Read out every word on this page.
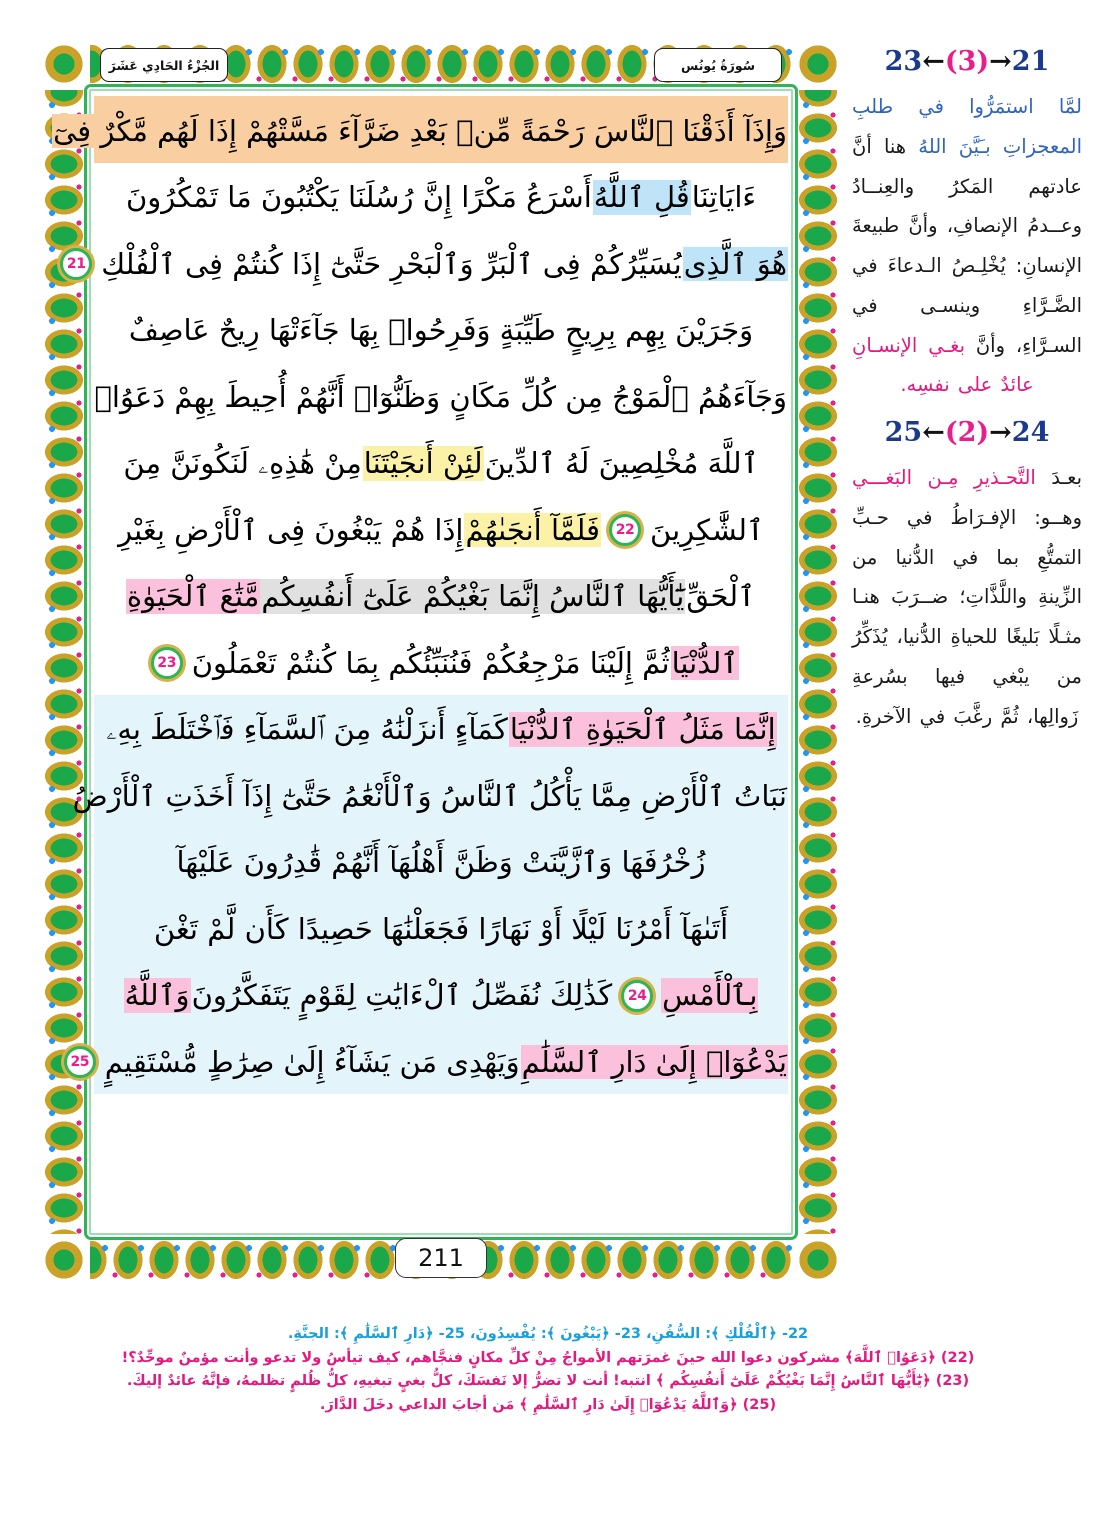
سُورَةُ يُونُس
الجُزْءُ الحَادِي عَشَرَ
وَإِذَآ أَذَقْنَا ٱلنَّاسَ رَحْمَةً مِّنۢ بَعْدِ ضَرَّآءَ مَسَّتْهُمْ إِذَا لَهُم مَّكْرٌ فِىٓ
ءَايَاتِنَاقُلِ ٱللَّهُأَسْرَعُ مَكْرًا إِنَّ رُسُلَنَا يَكْتُبُونَ مَا تَمْكُرُونَ
هُوَ ٱلَّذِىيُسَيِّرُكُمْ فِى ٱلْبَرِّ وَٱلْبَحْرِ حَتَّىٰٓ إِذَا كُنتُمْ فِى ٱلْفُلْكِ
21
وَجَرَيْنَ بِهِم بِرِيحٍ طَيِّبَةٍ وَفَرِحُوا۟ بِهَا جَآءَتْهَا رِيحٌ عَاصِفٌ
وَجَآءَهُمُ ٱلْمَوْجُ مِن كُلِّ مَكَانٍ وَظَنُّوٓا۟ أَنَّهُمْ أُحِيطَ بِهِمْ دَعَوُا۟
ٱللَّهَ مُخْلِصِينَ لَهُ ٱلدِّينَلَئِنْ أَنجَيْتَنَامِنْ هَٰذِهِۦ لَنَكُونَنَّ مِنَ
ٱلشَّٰكِرِينَ
22
فَلَمَّآ أَنجَىٰهُمْإِذَا هُمْ يَبْغُونَ فِى ٱلْأَرْضِ بِغَيْرِ
ٱلْحَقِّيَٰٓأَيُّهَا ٱلنَّاسُ إِنَّمَا بَغْيُكُمْ عَلَىٰٓ أَنفُسِكُممَّتَٰعَ ٱلْحَيَوٰةِ
ٱلدُّنْيَاثُمَّ إِلَيْنَا مَرْجِعُكُمْ فَنُنَبِّئُكُم بِمَا كُنتُمْ تَعْمَلُونَ
23
إِنَّمَا مَثَلُ ٱلْحَيَوٰةِ ٱلدُّنْيَاكَمَآءٍ أَنزَلْنَٰهُ مِنَ ٱلسَّمَآءِ فَٱخْتَلَطَ بِهِۦ
نَبَاتُ ٱلْأَرْضِ مِمَّا يَأْكُلُ ٱلنَّاسُ وَٱلْأَنْعَٰمُ حَتَّىٰٓ إِذَآ أَخَذَتِ ٱلْأَرْضُ
زُخْرُفَهَا وَٱزَّيَّنَتْ وَظَنَّ أَهْلُهَآ أَنَّهُمْ قَٰدِرُونَ عَلَيْهَآ
أَتَىٰهَآ أَمْرُنَا لَيْلًا أَوْ نَهَارًا فَجَعَلْنَٰهَا حَصِيدًا كَأَن لَّمْ تَغْنَ
بِٱلْأَمْسِ
24
كَذَٰلِكَ نُفَصِّلُ ٱلْءَايَٰتِ لِقَوْمٍ يَتَفَكَّرُونَوَٱللَّهُ
يَدْعُوٓا۟ إِلَىٰ دَارِ ٱلسَّلَٰمِوَيَهْدِى مَن يَشَآءُ إِلَىٰ صِرَٰطٍ مُّسْتَقِيمٍ
25
211
23←(3)→21
لمَّا استمَرُّوا في طلبِ المعجزاتِ بـَيَّنَ اللهُ هنا أنَّ عادتهم المَكرُ والعِنــادُ وعــدمُ الإنصافِ، وأنَّ طبيعةَ الإنسانِ: يُخْلِـصُ الـدعاءَ في الضَّـرَّاءِ وينسـى في السـرَّاءِ، وأنَّ بغـي الإنسـانِ عائدٌ على نفسِه.
25←(2)→24
بعـدَ التَّحـذيرِ مِـن البَغـــي وهــو: الإفـرَاطُ في حـبِّ التمتُّعِ بما في الدُّنيا من الزِّينةِ واللَّذَّاتِ؛ ضــرَبَ هنـا مثـلًا بَليغًا للحياةِ الدُّنيا، يُذَكِّرُ من يبْغي فيها بسُرعةِ زَوالِها، ثُمَّ رغَّبَ في الآخرةِ.
22- ﴿ٱلْفُلْكِ ﴾: السُّفُنِ، 23- ﴿يَبْغُونَ ﴾: يُفْسِدُونَ، 25- ﴿دَارِ ٱلسَّلَٰمِ ﴾: الجنَّةِ.
(22) ﴿دَعَوُا۟ ٱللَّهَ﴾ مشركون دعوا الله حينَ غمرَتهم الأمواجُ مِنْ كلِّ مكانٍ فنجَّاهم، كيف تيأسُ ولا تدعو وأنت مؤمنٌ موحِّدٌ؟!
(23) ﴿يَٰٓأَيُّهَا ٱلنَّاسُ إِنَّمَا بَغْيُكُمْ عَلَىٰٓ أَنفُسِكُم ﴾ انتبه! أنت لا تضرُّ إلا نَفسَكَ، كلُّ بغيٍ تبغيهِ، كلُّ ظُلمٍ تظلمهُ، فإنَّهُ عائدٌ إليكَ.
(25) ﴿وَٱللَّهُ يَدْعُوٓا۟ إِلَىٰ دَارِ ٱلسَّلَٰمِ ﴾ مَن أجابَ الداعي دخَلَ الدَّارَ.
